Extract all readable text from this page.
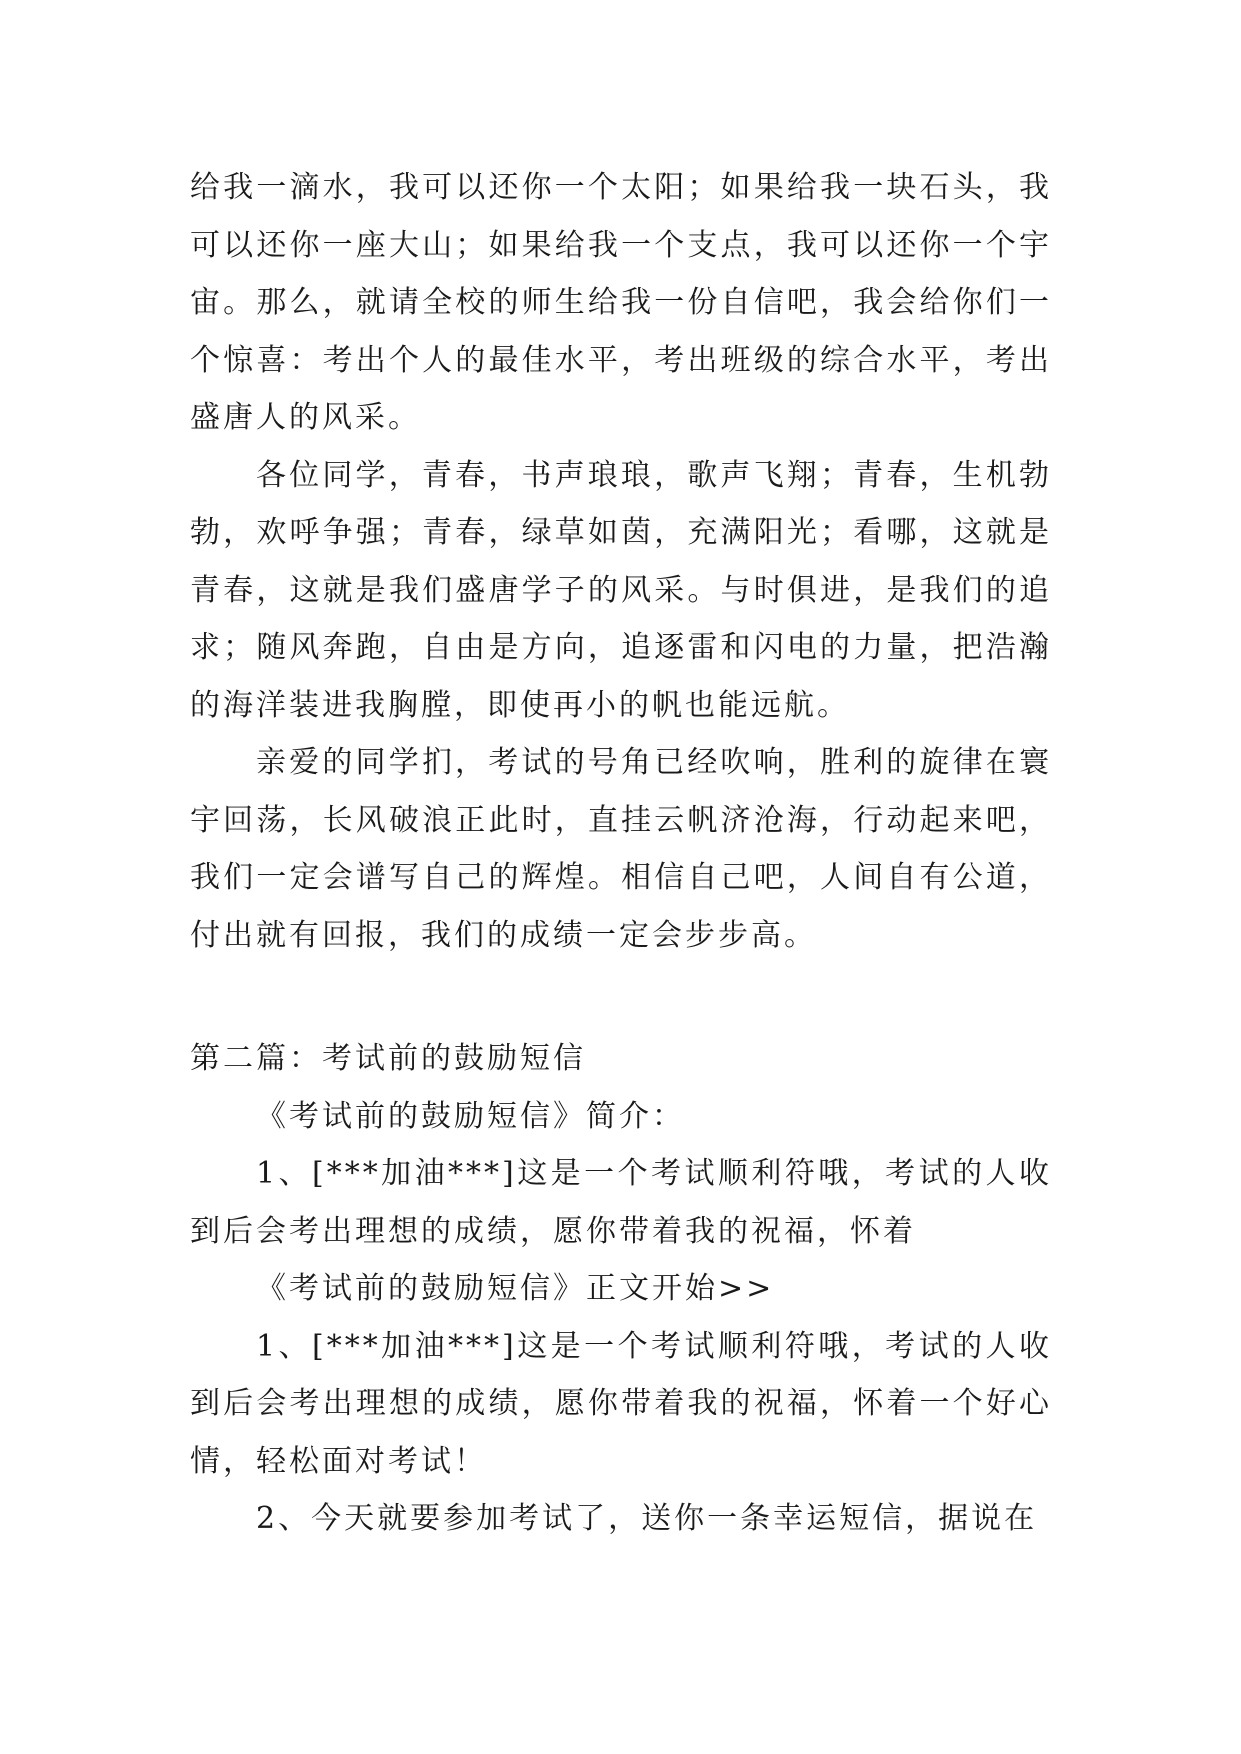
给我一滴水，我可以还你一个太阳；如果给我一块石头，我可以还你一座大山；如果给我一个支点，我可以还你一个宇宙。那么，就请全校的师生给我一份自信吧，我会给你们一个惊喜：考出个人的最佳水平，考出班级的综合水平，考出盛唐人的风采。

各位同学，青春，书声琅琅，歌声飞翔；青春，生机勃勃，欢呼争强；青春，绿草如茵，充满阳光；看哪，这就是青春，这就是我们盛唐学子的风采。与时俱进，是我们的追求；随风奔跑，自由是方向，追逐雷和闪电的力量，把浩瀚的海洋装进我胸膛，即使再小的帆也能远航。

亲爱的同学扪，考试的号角已经吹响，胜利的旋律在寰宇回荡，长风破浪正此时，直挂云帆济沧海，行动起来吧，我们一定会谱写自己的辉煌。相信自己吧，人间自有公道，付出就有回报，我们的成绩一定会步步高。

第二篇：考试前的鼓励短信

《考试前的鼓励短信》简介：

1、[***加油***]这是一个考试顺利符哦，考试的人收到后会考出理想的成绩，愿你带着我的祝福，怀着

《考试前的鼓励短信》正文开始>>

1、[***加油***]这是一个考试顺利符哦，考试的人收到后会考出理想的成绩，愿你带着我的祝福，怀着一个好心情，轻松面对考试！

2、今天就要参加考试了，送你一条幸运短信，据说在
